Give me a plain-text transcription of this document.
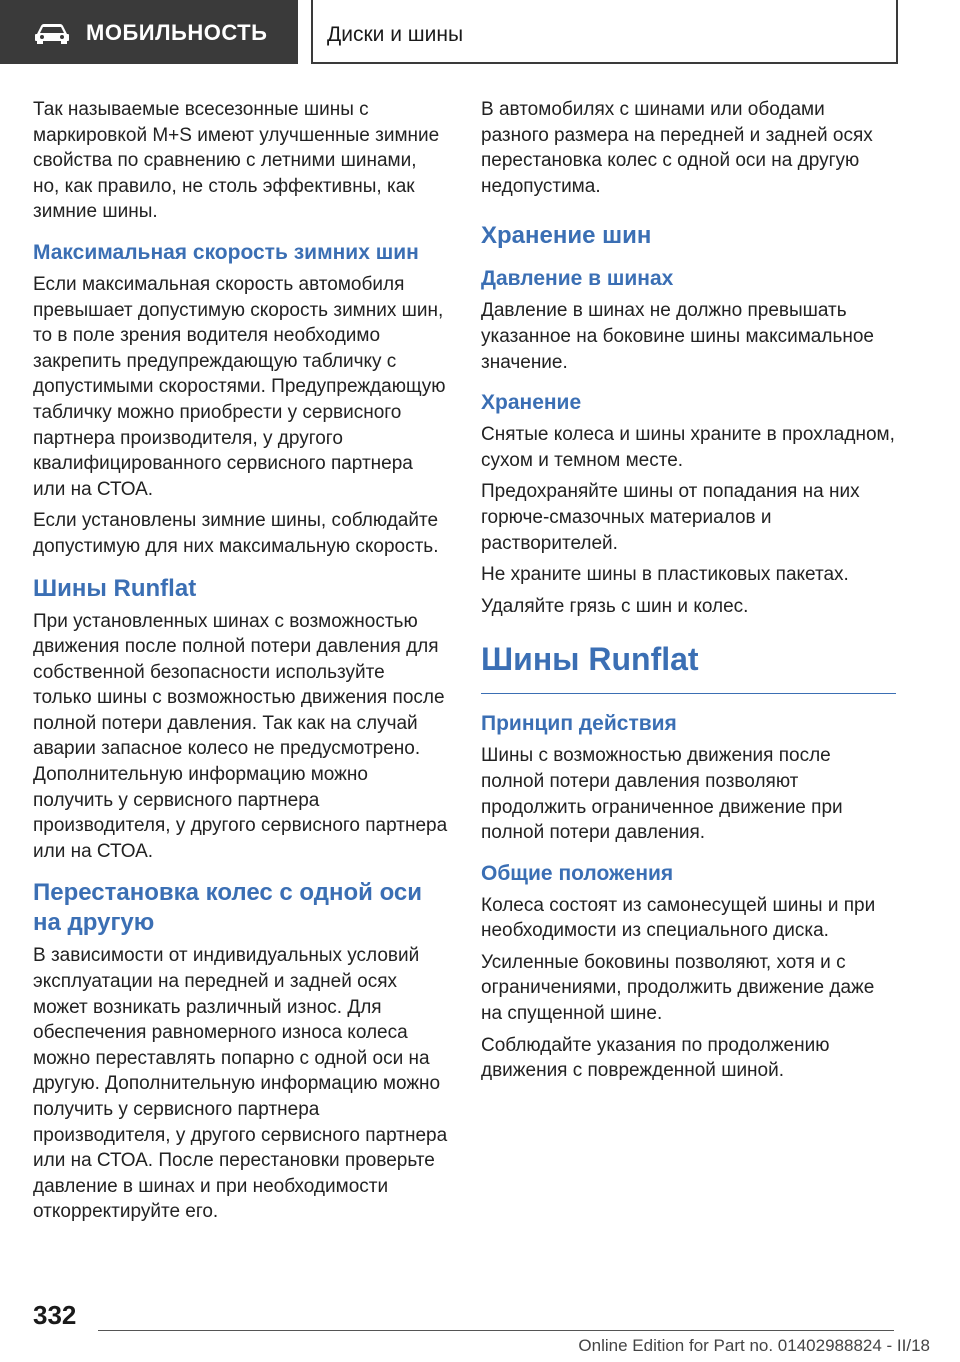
МОБИЛЬНОСТЬ	Диски и шины

Так называемые всесезонные шины с маркировкой M+S имеют улучшенные зимние свойства по сравнению с летними шинами, но, как правило, не столь эффективны, как зимние шины.

Максимальная скорость зимних шин

Если максимальная скорость автомобиля превышает допустимую скорость зимних шин, то в поле зрения водителя необходимо закрепить предупреждающую табличку с допустимыми скоростями. Предупреждающую табличку можно приобрести у сервисного партнера производителя, у другого квалифицированного сервисного партнера или на СТОА.

Если установлены зимние шины, соблюдайте допустимую для них максимальную скорость.

Шины Runflat

При установленных шинах с возможностью движения после полной потери давления для собственной безопасности используйте только шины с возможностью движения после полной потери давления. Так как на случай аварии запасное колесо не предусмотрено. Дополнительную информацию можно получить у сервисного партнера производителя, у другого сервисного партнера или на СТОА.

Перестановка колес с одной оси на другую

В зависимости от индивидуальных условий эксплуатации на передней и задней осях может возникать различный износ. Для обеспечения равномерного износа колеса можно переставлять попарно с одной оси на другую. Дополнительную информацию можно получить у сервисного партнера производителя, у другого сервисного партнера или на СТОА. После перестановки проверьте давление в шинах и при необходимости откорректируйте его.

В автомобилях с шинами или ободами разного размера на передней и задней осях перестановка колес с одной оси на другую недопустима.

Хранение шин
Давление в шинах

Давление в шинах не должно превышать указанное на боковине шины максимальное значение.

Хранение

Снятые колеса и шины храните в прохладном, сухом и темном месте.

Предохраняйте шины от попадания на них горюче-смазочных материалов и растворителей.

Не храните шины в пластиковых пакетах.

Удаляйте грязь с шин и колес.

Шины Runflat
Принцип действия

Шины с возможностью движения после полной потери давления позволяют продолжить ограниченное движение при полной потери давления.

Общие положения

Колеса состоят из самонесущей шины и при необходимости из специального диска.

Усиленные боковины позволяют, хотя и с ограничениями, продолжить движение даже на спущенной шине.

Соблюдайте указания по продолжению движения с поврежденной шиной.

332
Online Edition for Part no. 01402988824 - II/18
